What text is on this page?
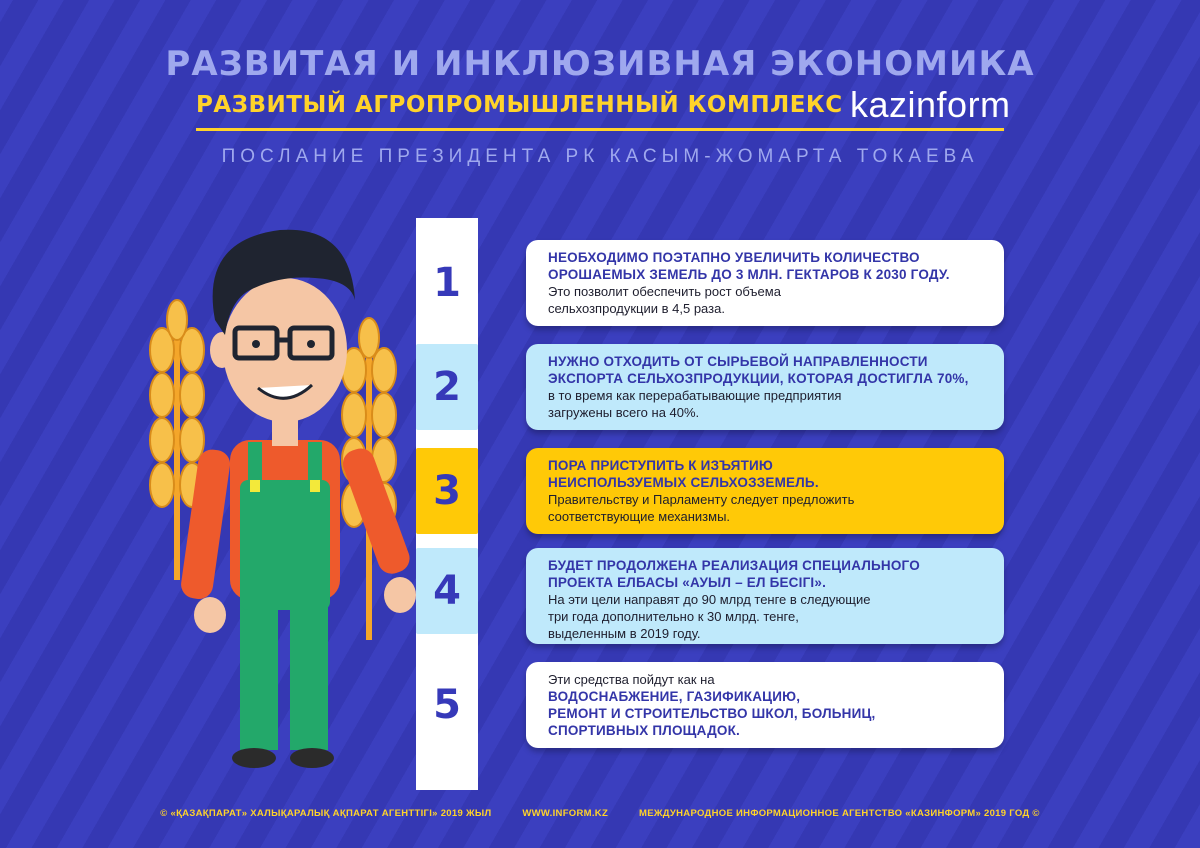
РАЗВИТАЯ И ИНКЛЮЗИВНАЯ ЭКОНОМИКА
РАЗВИТЫЙ АГРОПРОМЫШЛЕННЫЙ КОМПЛЕКС kazinform
ПОСЛАНИЕ ПРЕЗИДЕНТА РК КАСЫМ-ЖОМАРТА ТОКАЕВА
1
2
3
4
5
НЕОБХОДИМО ПОЭТАПНО УВЕЛИЧИТЬ КОЛИЧЕСТВО
ОРОШАЕМЫХ ЗЕМЕЛЬ ДО 3 МЛН. ГЕКТАРОВ К 2030 ГОДУ.
Это позволит обеспечить рост объема
сельхозпродукции в 4,5 раза.
НУЖНО ОТХОДИТЬ ОТ СЫРЬЕВОЙ НАПРАВЛЕННОСТИ
ЭКСПОРТА СЕЛЬХОЗПРОДУКЦИИ, КОТОРАЯ ДОСТИГЛА 70%,
в то время как перерабатывающие предприятия
загружены всего на 40%.
ПОРА ПРИСТУПИТЬ К ИЗЪЯТИЮ
НЕИСПОЛЬЗУЕМЫХ СЕЛЬХОЗЗЕМЕЛЬ.
Правительству и Парламенту следует предложить
соответствующие механизмы.
БУДЕТ ПРОДОЛЖЕНА РЕАЛИЗАЦИЯ СПЕЦИАЛЬНОГО
ПРОЕКТА ЕЛБАСЫ «АУЫЛ – ЕЛ БЕСІГІ».
На эти цели направят до 90 млрд тенге в следующие
три года дополнительно к 30 млрд. тенге,
выделенным в 2019 году.
Эти средства пойдут как на
ВОДОСНАБЖЕНИЕ, ГАЗИФИКАЦИЮ,
РЕМОНТ И СТРОИТЕЛЬСТВО ШКОЛ, БОЛЬНИЦ,
СПОРТИВНЫХ ПЛОЩАДОК.
© «ҚАЗАҚПАРАТ» ХАЛЫҚАРАЛЫҚ АҚПАРАТ АГЕНТТІГІ» 2019 ЖЫЛ	WWW.INFORM.KZ	МЕЖДУНАРОДНОЕ ИНФОРМАЦИОННОЕ АГЕНТСТВО «КАЗИНФОРМ» 2019 ГОД ©
